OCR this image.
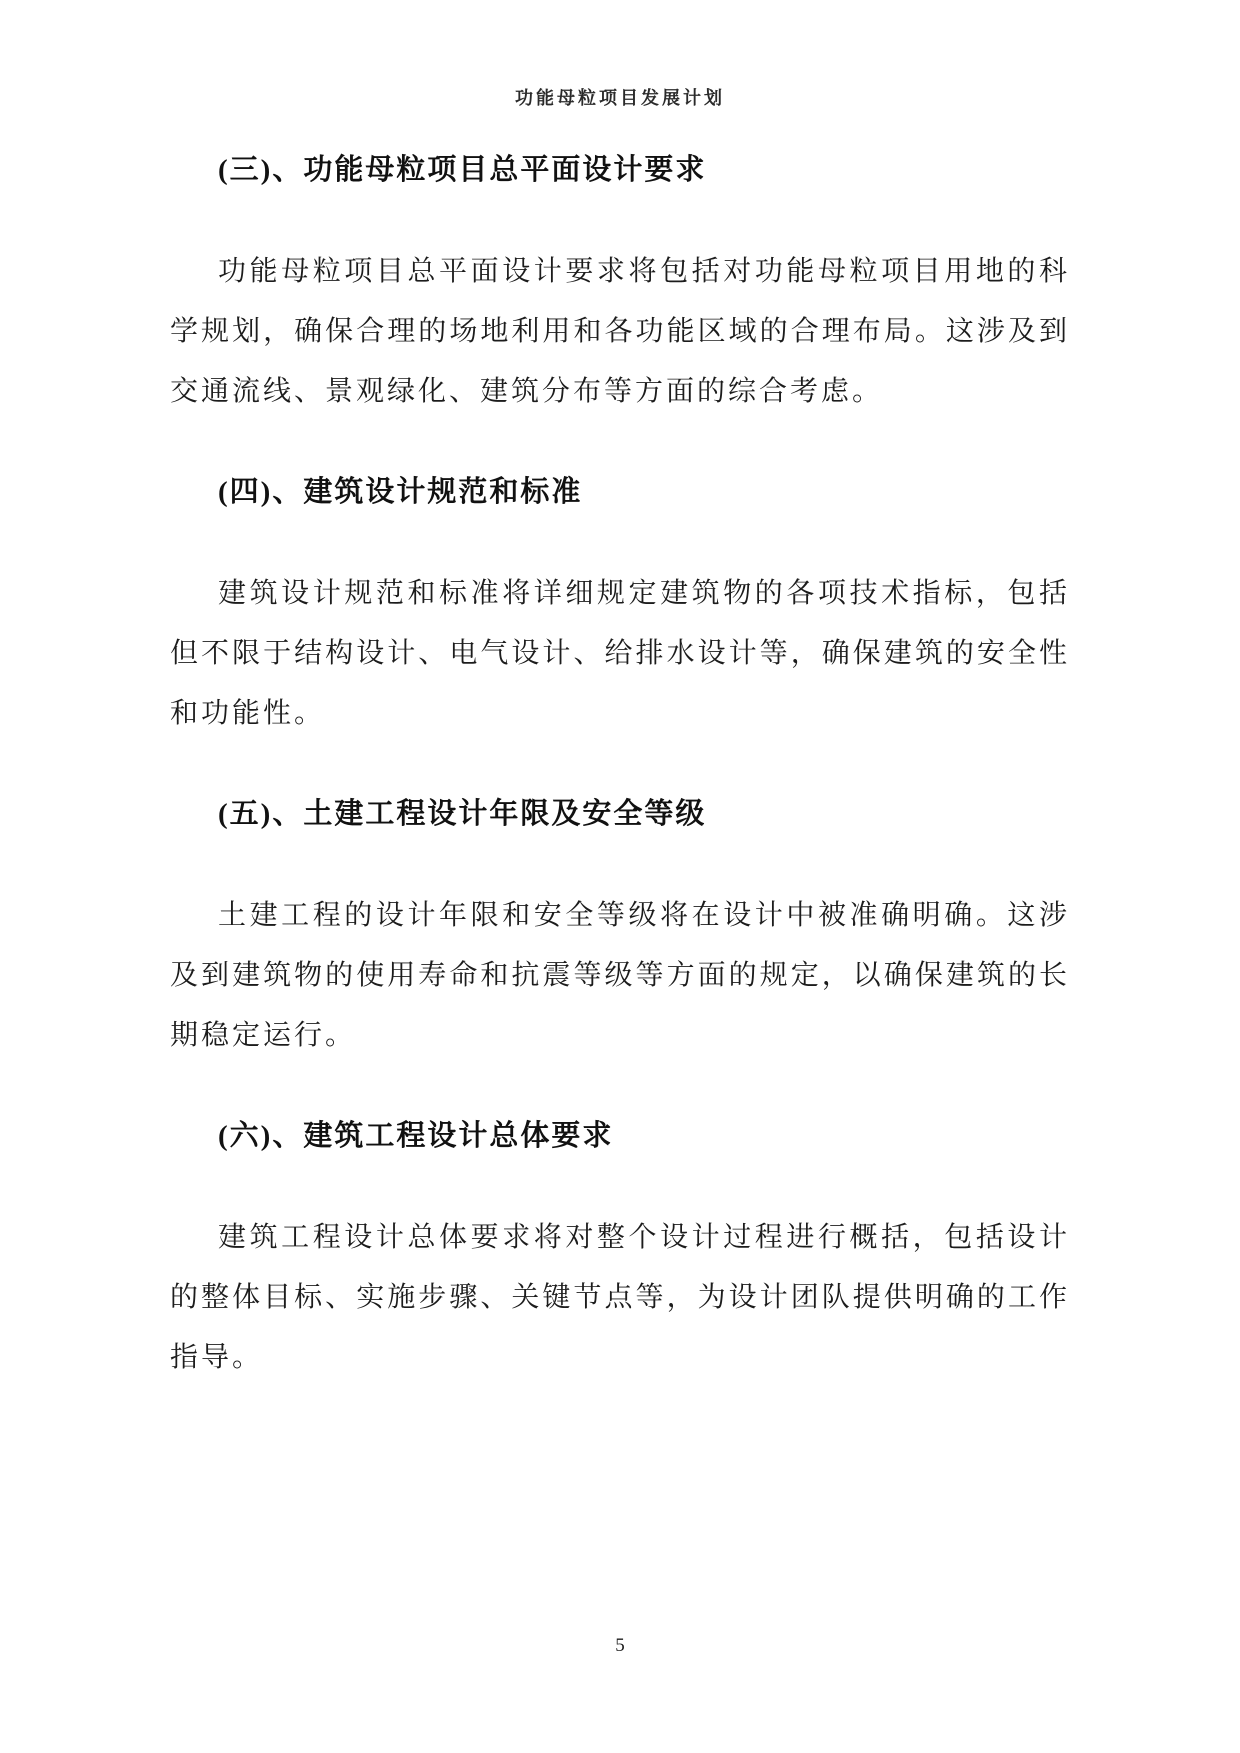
功能母粒项目发展计划
(三)、功能母粒项目总平面设计要求

功能母粒项目总平面设计要求将包括对功能母粒项目用地的科学规划，确保合理的场地利用和各功能区域的合理布局。这涉及到交通流线、景观绿化、建筑分布等方面的综合考虑。

(四)、建筑设计规范和标准

建筑设计规范和标准将详细规定建筑物的各项技术指标，包括但不限于结构设计、电气设计、给排水设计等，确保建筑的安全性和功能性。

(五)、土建工程设计年限及安全等级

土建工程的设计年限和安全等级将在设计中被准确明确。这涉及到建筑物的使用寿命和抗震等级等方面的规定，以确保建筑的长期稳定运行。

(六)、建筑工程设计总体要求

建筑工程设计总体要求将对整个设计过程进行概括，包括设计的整体目标、实施步骤、关键节点等，为设计团队提供明确的工作指导。

5
